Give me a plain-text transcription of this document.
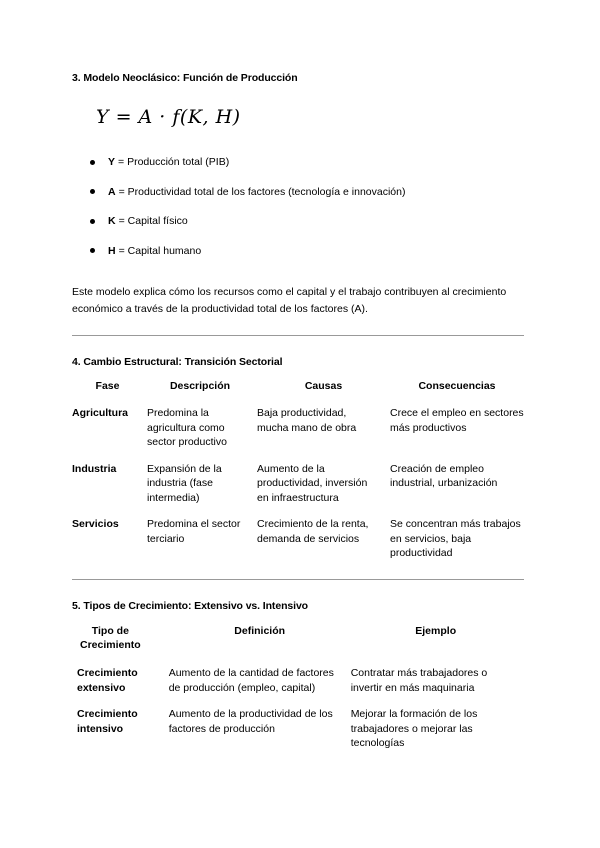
3. Modelo Neoclásico: Función de Producción
Y = A · f(K, H)
Y = Producción total (PIB)
A = Productividad total de los factores (tecnología e innovación)
K = Capital físico
H = Capital humano

Este modelo explica cómo los recursos como el capital y el trabajo contribuyen al crecimiento económico a través de la productividad total de los factores (A).

4. Cambio Estructural: Transición Sectorial
Fase	Descripción	Causas	Consecuencias
Agricultura	Predomina la agricultura como sector productivo	Baja productividad, mucha mano de obra	Crece el empleo en sectores más productivos
Industria	Expansión de la industria (fase intermedia)	Aumento de la productividad, inversión en infraestructura	Creación de empleo industrial, urbanización
Servicios	Predomina el sector terciario	Crecimiento de la renta, demanda de servicios	Se concentran más trabajos en servicios, baja productividad
5. Tipos de Crecimiento: Extensivo vs. Intensivo
Tipo de Crecimiento	Definición	Ejemplo
Crecimiento extensivo	Aumento de la cantidad de factores de producción (empleo, capital)	Contratar más trabajadores o invertir en más maquinaria
Crecimiento intensivo	Aumento de la productividad de los factores de producción	Mejorar la formación de los trabajadores o mejorar las tecnologías
